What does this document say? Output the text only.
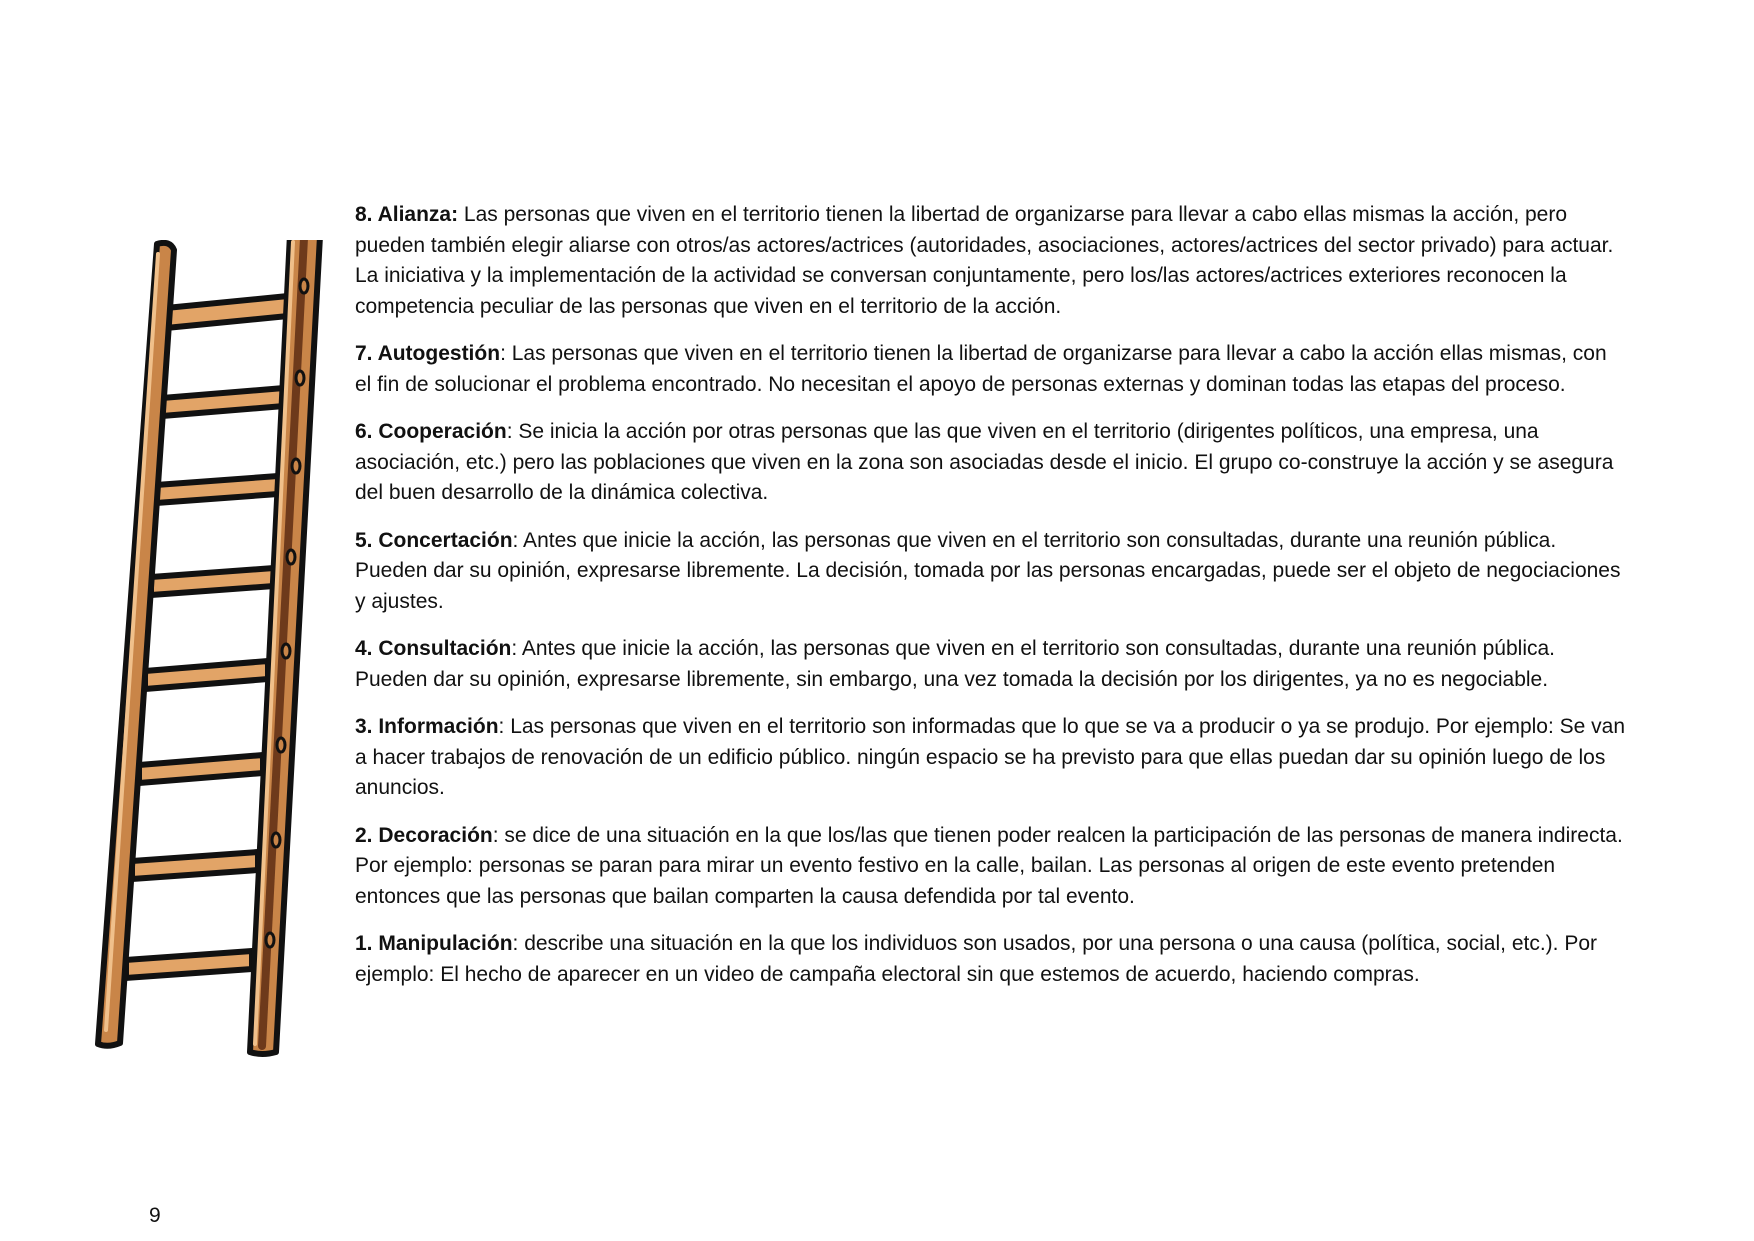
8. Alianza: Las personas que viven en el territorio tienen la libertad de organizarse para llevar a cabo ellas mismas la acción, pero pueden también elegir aliarse con otros/as actores/actrices (autoridades, asociaciones, actores/actrices del sector privado) para actuar. La iniciativa y la implementación de la actividad se conversan conjuntamente, pero los/las actores/actrices exteriores reconocen la competencia peculiar de las personas que viven en el territorio de la acción.

7. Autogestión: Las personas que viven en el territorio tienen la libertad de organizarse para llevar a cabo la acción ellas mismas, con el fin de solucionar el problema encontrado. No necesitan el apoyo de personas externas y dominan todas las etapas del proceso.

6. Cooperación: Se inicia la acción por otras personas que las que viven en el territorio (dirigentes políticos, una empresa, una asociación, etc.) pero las poblaciones que viven en la zona son asociadas desde el inicio. El grupo co-construye la acción y se asegura del buen desarrollo de la dinámica colectiva.

5. Concertación: Antes que inicie la acción, las personas que viven en el territorio son consultadas, durante una reunión pública. Pueden dar su opinión, expresarse libremente. La decisión, tomada por las personas encargadas, puede ser el objeto de negociaciones y ajustes.

4. Consultación: Antes que inicie la acción, las personas que viven en el territorio son consultadas, durante una reunión pública. Pueden dar su opinión, expresarse libremente, sin embargo, una vez tomada la decisión por los dirigentes, ya no es negociable.

3. Información: Las personas que viven en el territorio son informadas que lo que se va a producir o ya se produjo. Por ejemplo: Se van a hacer trabajos de renovación de un edificio público. ningún espacio se ha previsto para que ellas puedan dar su opinión luego de los anuncios.

2. Decoración: se dice de una situación en la que los/las que tienen poder realcen la participación de las personas de manera indirecta. Por ejemplo: personas se paran para mirar un evento festivo en la calle, bailan. Las personas al origen de este evento pretenden entonces que las personas que bailan comparten la causa defendida por tal evento.

1. Manipulación: describe una situación en la que los individuos son usados, por una persona o una causa (política, social, etc.). Por ejemplo: El hecho de aparecer en un video de campaña electoral sin que estemos de acuerdo, haciendo compras.

9
